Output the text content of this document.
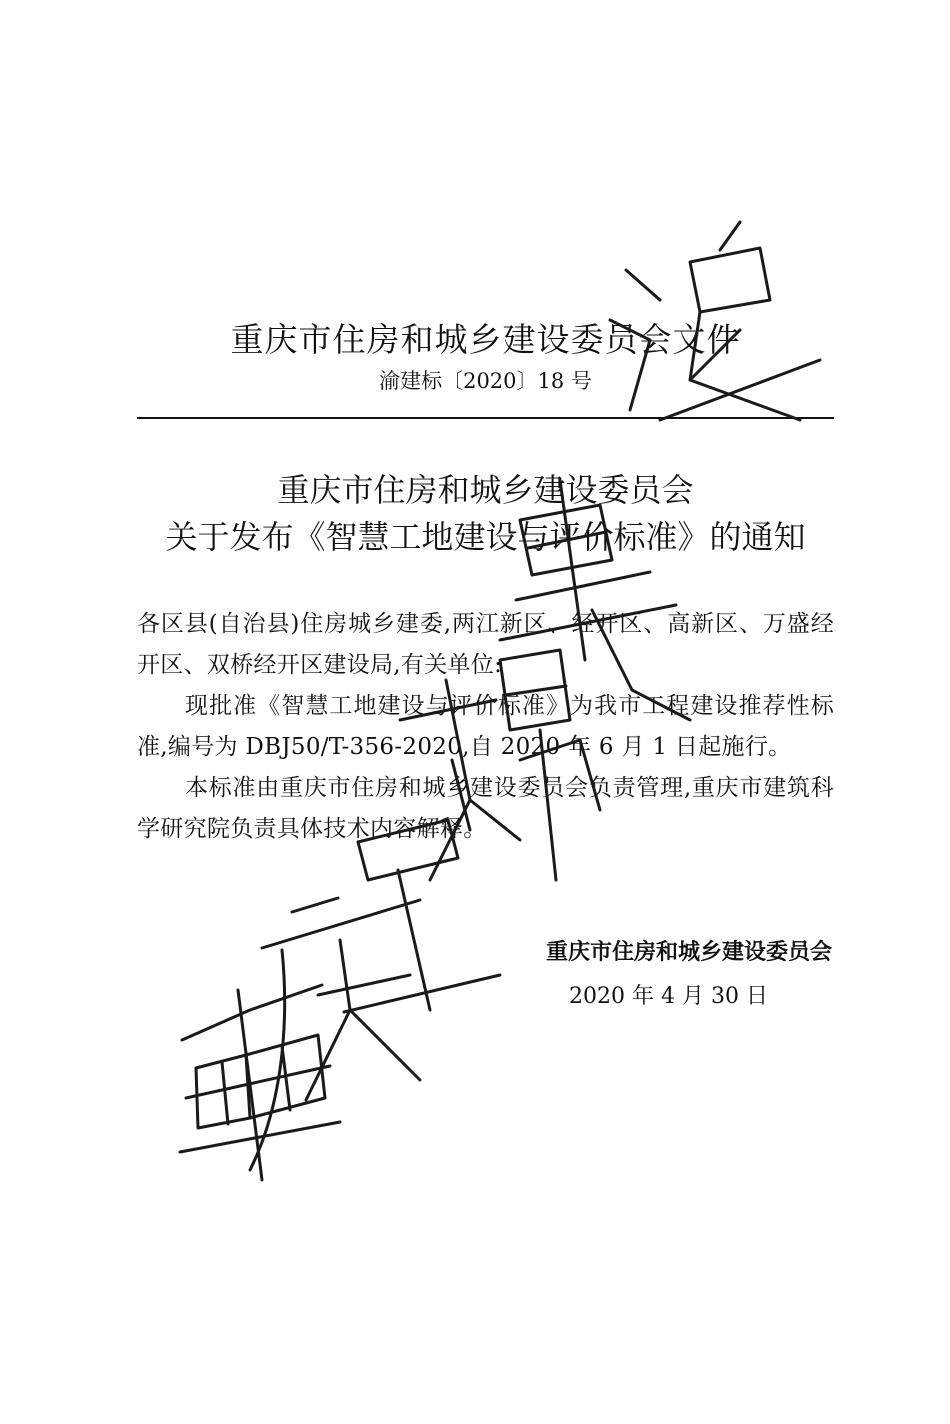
重庆市住房和城乡建设委员会文件
渝建标〔2020〕18 号
重庆市住房和城乡建设委员会
关于发布《智慧工地建设与评价标准》的通知

各区县(自治县)住房城乡建委,两江新区、经开区、高新区、万盛经开区、双桥经开区建设局,有关单位:

现批准《智慧工地建设与评价标准》为我市工程建设推荐性标准,编号为 DBJ50/T-356-2020,自 2020 年 6 月 1 日起施行。

本标准由重庆市住房和城乡建设委员会负责管理,重庆市建筑科学研究院负责具体技术内容解释。

重庆市住房和城乡建设委员会
2020 年 4 月 30 日
